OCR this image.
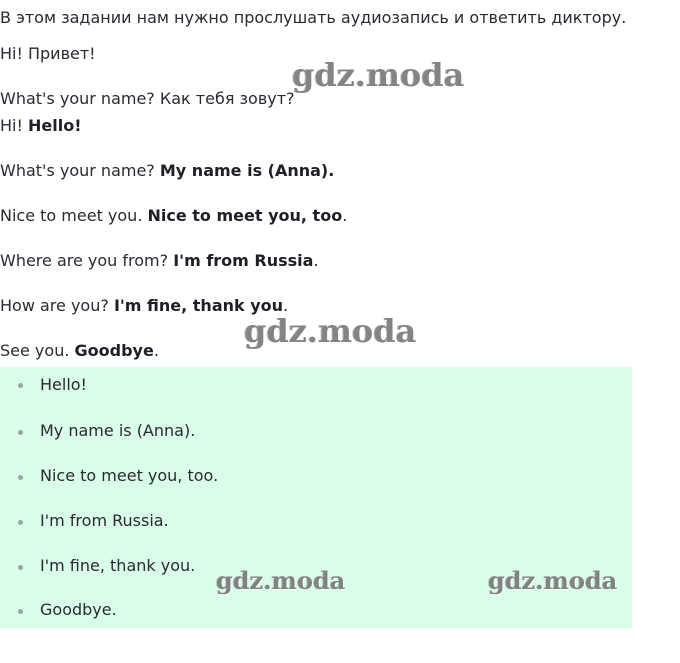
В этом задании нам нужно прослушать аудиозапись и ответить диктору.
Hi! Привет!
What's your name? Как тебя зовут?
Hi! Hello!
What's your name? My name is (Anna).
Nice to meet you. Nice to meet you, too.
Where are you from? I'm from Russia.
How are you? I'm fine, thank you.
See you. Goodbye.
Hello!
My name is (Anna).
Nice to meet you, too.
I'm from Russia.
I'm fine, thank you.
Goodbye.
gdz.moda
gdz.moda
gdz.moda	gdz.moda
